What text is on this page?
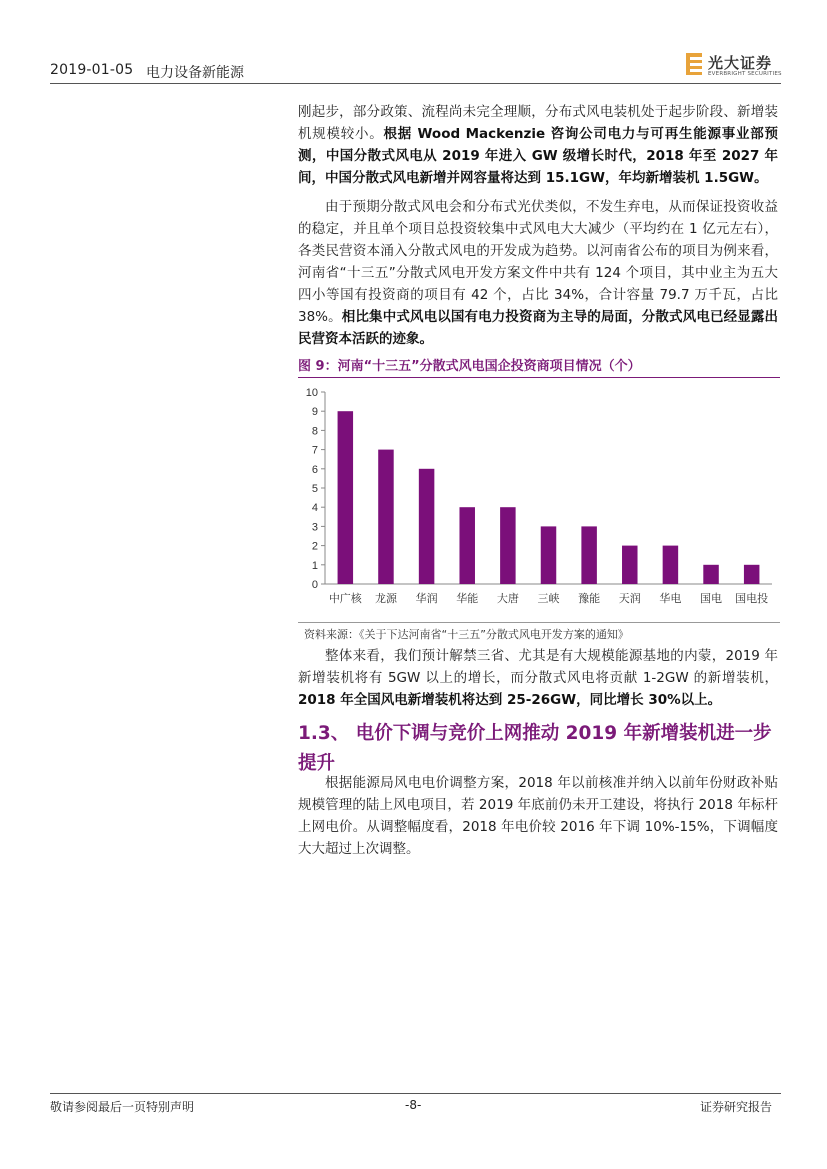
2019-01-05 电力设备新能源
光大证券
EVERBRIGHT SECURITIES
刚起步，部分政策、流程尚未完全理顺，分布式风电装机处于起步阶段、新增装机规模较小。根据 Wood Mackenzie 咨询公司电力与可再生能源事业部预测，中国分散式风电从 2019 年进入 GW 级增长时代，2018 年至 2027 年间，中国分散式风电新增并网容量将达到 15.1GW，年均新增装机 1.5GW。
由于预期分散式风电会和分布式光伏类似，不发生弃电，从而保证投资收益的稳定，并且单个项目总投资较集中式风电大大减少（平均约在 1 亿元左右），各类民营资本涌入分散式风电的开发成为趋势。以河南省公布的项目为例来看，河南省“十三五”分散式风电开发方案文件中共有 124 个项目，其中业主为五大四小等国有投资商的项目有 42 个，占比 34%，合计容量 79.7 万千瓦，占比 38%。相比集中式风电以国有电力投资商为主导的局面，分散式风电已经显露出民营资本活跃的迹象。
图 9：河南“十三五”分散式风电国企投资商项目情况（个）
0
1
2
3
4
5
6
7
8
9
10
中广核 龙源 华润 华能 大唐 三峡 豫能 天润 华电 国电 国电投
资料来源：《关于下达河南省“十三五”分散式风电开发方案的通知》
整体来看，我们预计解禁三省、尤其是有大规模能源基地的内蒙，2019 年新增装机将有 5GW 以上的增长，而分散式风电将贡献 1-2GW 的新增装机，2018 年全国风电新增装机将达到 25-26GW，同比增长 30%以上。
1.3、 电价下调与竞价上网推动 2019 年新增装机进一步提升
根据能源局风电电价调整方案，2018 年以前核准并纳入以前年份财政补贴规模管理的陆上风电项目，若 2019 年底前仍未开工建设，将执行 2018 年标杆上网电价。从调整幅度看，2018 年电价较 2016 年下调 10%-15%，下调幅度大大超过上次调整。
敬请参阅最后一页特别声明	-8-	证券研究报告
